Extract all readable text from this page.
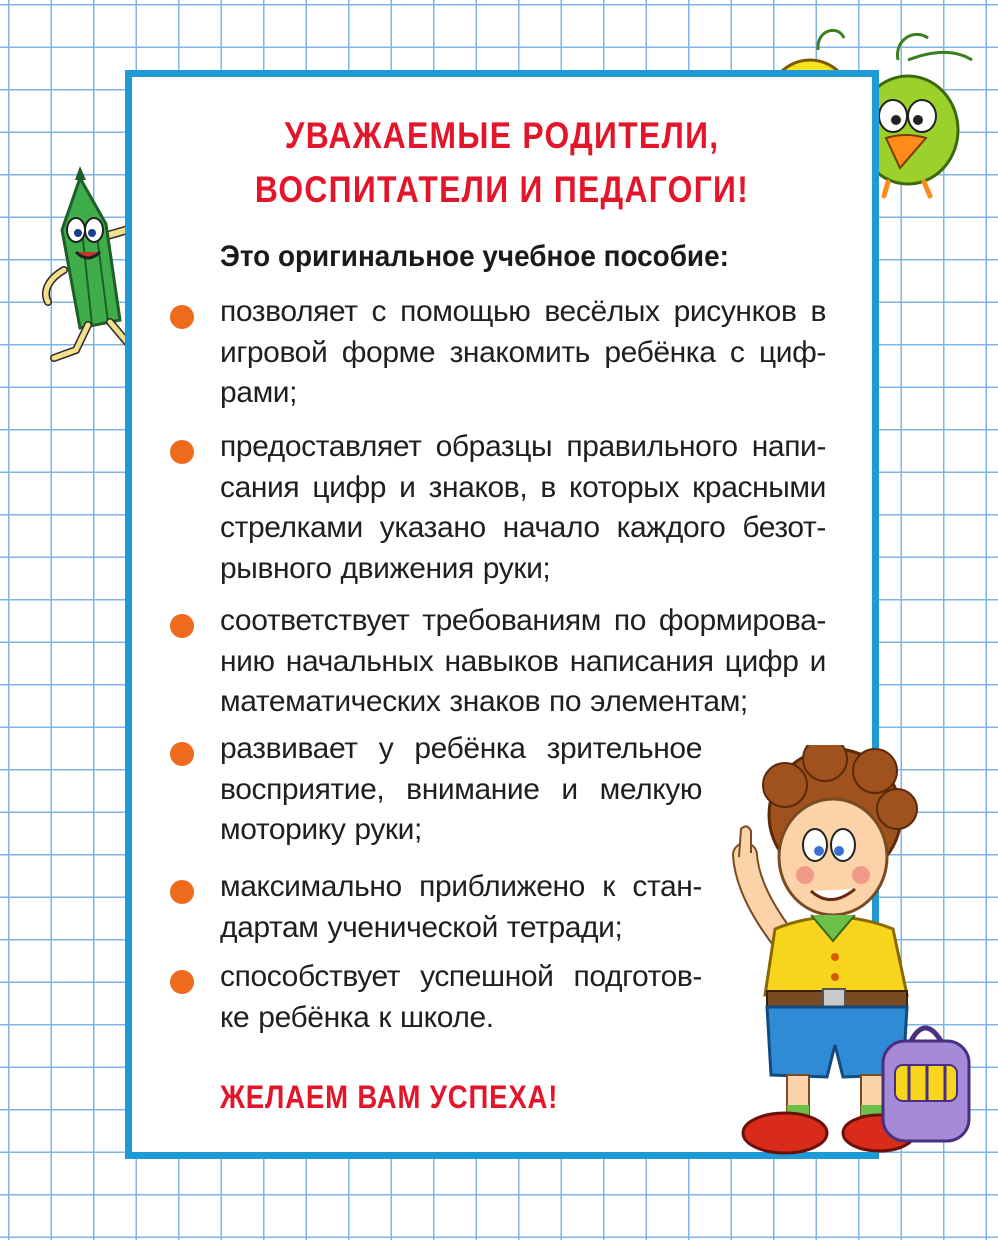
УВАЖАЕМЫЕ РОДИТЕЛИ,
ВОСПИТАТЕЛИ И ПЕДАГОГИ!

Это оригинальное учебное пособие:

позволяет с помощью весёлых рисунков в игровой форме знакомить ребёнка с циф-рами;
предоставляет образцы правильного напи-сания цифр и знаков, в которых красными стрелками указано начало каждого безот-рывного движения руки;
соответствует требованиям по формирова-нию начальных навыков написания цифр и математических знаков по элементам;
развивает у ребёнка зрительное восприятие, внимание и мелкую моторику руки;
максимально приближено к стан-дартам ученической тетради;
способствует успешной подготов-ке ребёнка к школе.

ЖЕЛАЕМ ВАМ УСПЕХА!
